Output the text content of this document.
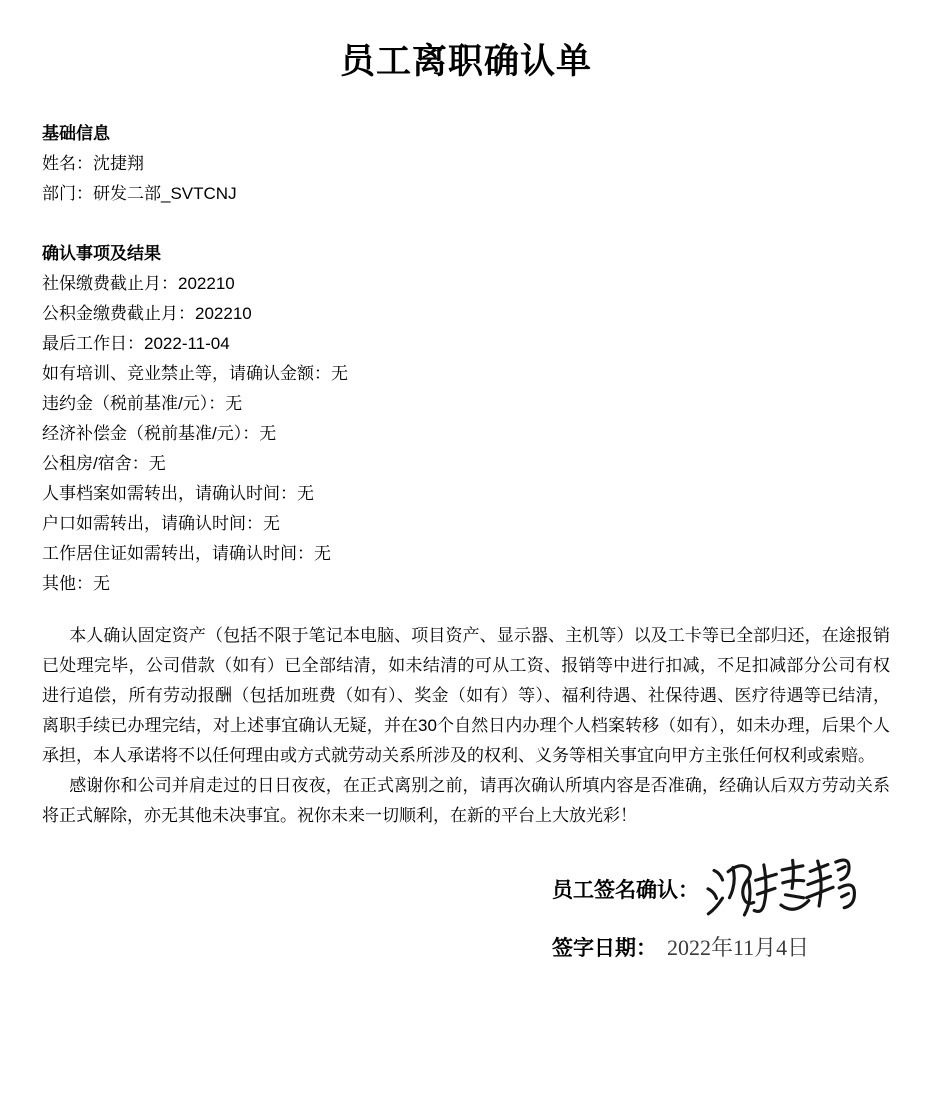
员工离职确认单
基础信息
姓名：沈捷翔
部门：研发二部_SVTCNJ
确认事项及结果
社保缴费截止月：202210
公积金缴费截止月：202210
最后工作日：2022-11-04
如有培训、竞业禁止等，请确认金额：无
违约金（税前基准/元）：无
经济补偿金（税前基准/元）：无
公租房/宿舍：无
人事档案如需转出，请确认时间：无
户口如需转出，请确认时间：无
工作居住证如需转出，请确认时间：无
其他：无

本人确认固定资产（包括不限于笔记本电脑、项目资产、显示器、主机等）以及工卡等已全部归还，在途报销已处理完毕，公司借款（如有）已全部结清，如未结清的可从工资、报销等中进行扣减，不足扣减部分公司有权进行追偿，所有劳动报酬（包括加班费（如有）、奖金（如有）等）、福利待遇、社保待遇、医疗待遇等已结清，离职手续已办理完结，对上述事宜确认无疑，并在30个自然日内办理个人档案转移（如有），如未办理，后果个人承担，本人承诺将不以任何理由或方式就劳动关系所涉及的权利、义务等相关事宜向甲方主张任何权利或索赔。

感谢你和公司并肩走过的日日夜夜，在正式离别之前，请再次确认所填内容是否准确，经确认后双方劳动关系将正式解除，亦无其他未决事宜。祝你未来一切顺利，在新的平台上大放光彩！

员工签名确认：
签字日期： 2022年11月4日
